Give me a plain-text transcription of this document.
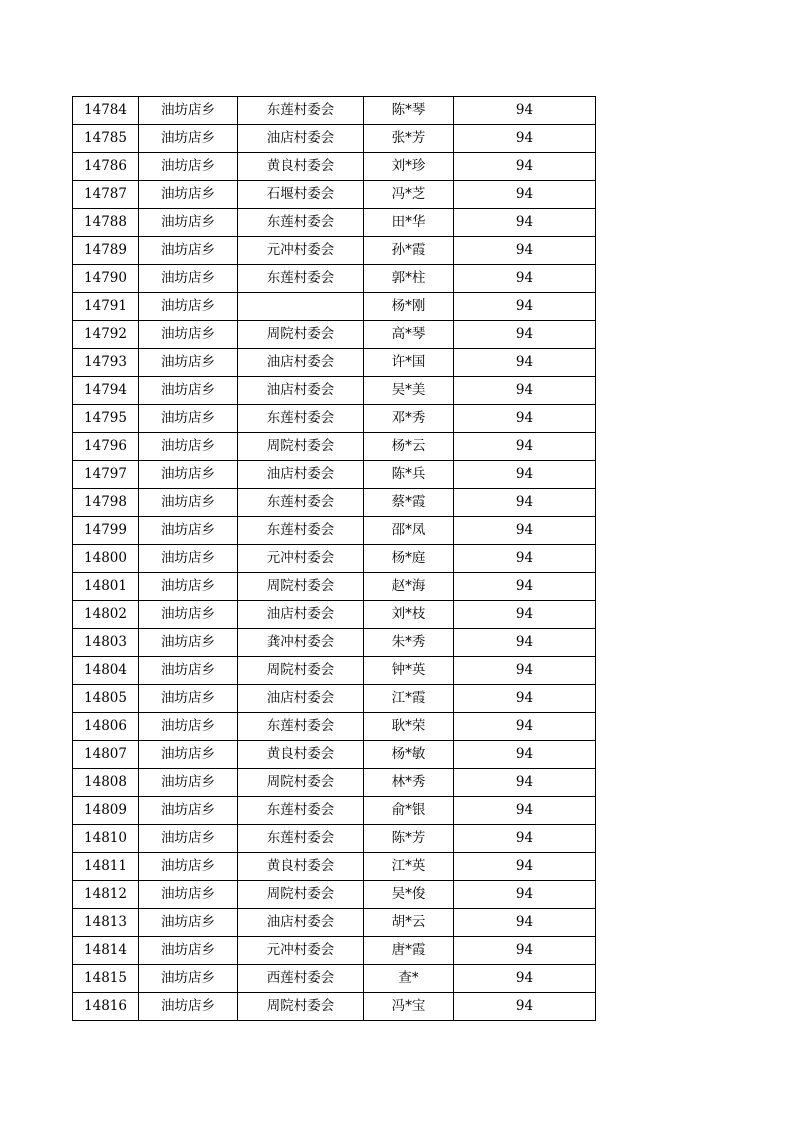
14784	油坊店乡	东莲村委会	陈*琴	94
14785	油坊店乡	油店村委会	张*芳	94
14786	油坊店乡	黄良村委会	刘*珍	94
14787	油坊店乡	石堰村委会	冯*芝	94
14788	油坊店乡	东莲村委会	田*华	94
14789	油坊店乡	元冲村委会	孙*霞	94
14790	油坊店乡	东莲村委会	郭*柱	94
14791	油坊店乡		杨*刚	94
14792	油坊店乡	周院村委会	高*琴	94
14793	油坊店乡	油店村委会	许*国	94
14794	油坊店乡	油店村委会	吴*美	94
14795	油坊店乡	东莲村委会	邓*秀	94
14796	油坊店乡	周院村委会	杨*云	94
14797	油坊店乡	油店村委会	陈*兵	94
14798	油坊店乡	东莲村委会	蔡*霞	94
14799	油坊店乡	东莲村委会	邵*凤	94
14800	油坊店乡	元冲村委会	杨*庭	94
14801	油坊店乡	周院村委会	赵*海	94
14802	油坊店乡	油店村委会	刘*枝	94
14803	油坊店乡	龚冲村委会	朱*秀	94
14804	油坊店乡	周院村委会	钟*英	94
14805	油坊店乡	油店村委会	江*霞	94
14806	油坊店乡	东莲村委会	耿*荣	94
14807	油坊店乡	黄良村委会	杨*敏	94
14808	油坊店乡	周院村委会	林*秀	94
14809	油坊店乡	东莲村委会	俞*银	94
14810	油坊店乡	东莲村委会	陈*芳	94
14811	油坊店乡	黄良村委会	江*英	94
14812	油坊店乡	周院村委会	吴*俊	94
14813	油坊店乡	油店村委会	胡*云	94
14814	油坊店乡	元冲村委会	唐*霞	94
14815	油坊店乡	西莲村委会	查*	94
14816	油坊店乡	周院村委会	冯*宝	94
